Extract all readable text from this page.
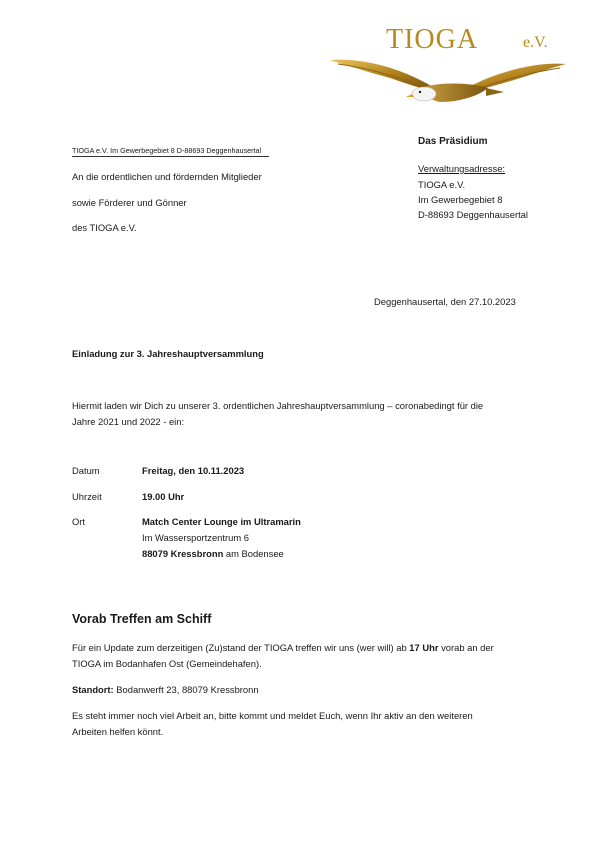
TIOGA	e.V.
TIOGA e.V. Im Gewerbegebiet 8 D-88693 Deggenhausertal
An die ordentlichen und fördernden Mitglieder
sowie Förderer und Gönner
des TIOGA e.V.
Das Präsidium
Verwaltungsadresse:
TIOGA e.V.
Im Gewerbegebiet 8
D-88693 Deggenhausertal
Deggenhausertal, den 27.10.2023
Einladung zur 3. Jahreshauptversammlung
Hiermit laden wir Dich zu unserer 3. ordentlichen Jahreshauptversammlung – coronabedingt für die
Jahre 2021 und 2022 - ein:
Datum	Freitag, den 10.11.2023
Uhrzeit	19.00 Uhr
Ort	Match Center Lounge im Ultramarin
Im Wassersportzentrum 6
88079 Kressbronn am Bodensee
Vorab Treffen am Schiff
Für ein Update zum derzeitigen (Zu)stand der TIOGA treffen wir uns (wer will) ab 17 Uhr vorab an der
TIOGA im Bodanhafen Ost (Gemeindehafen).
Standort: Bodanwerft 23, 88079 Kressbronn
Es steht immer noch viel Arbeit an, bitte kommt und meldet Euch, wenn Ihr aktiv an den weiteren
Arbeiten helfen könnt.
